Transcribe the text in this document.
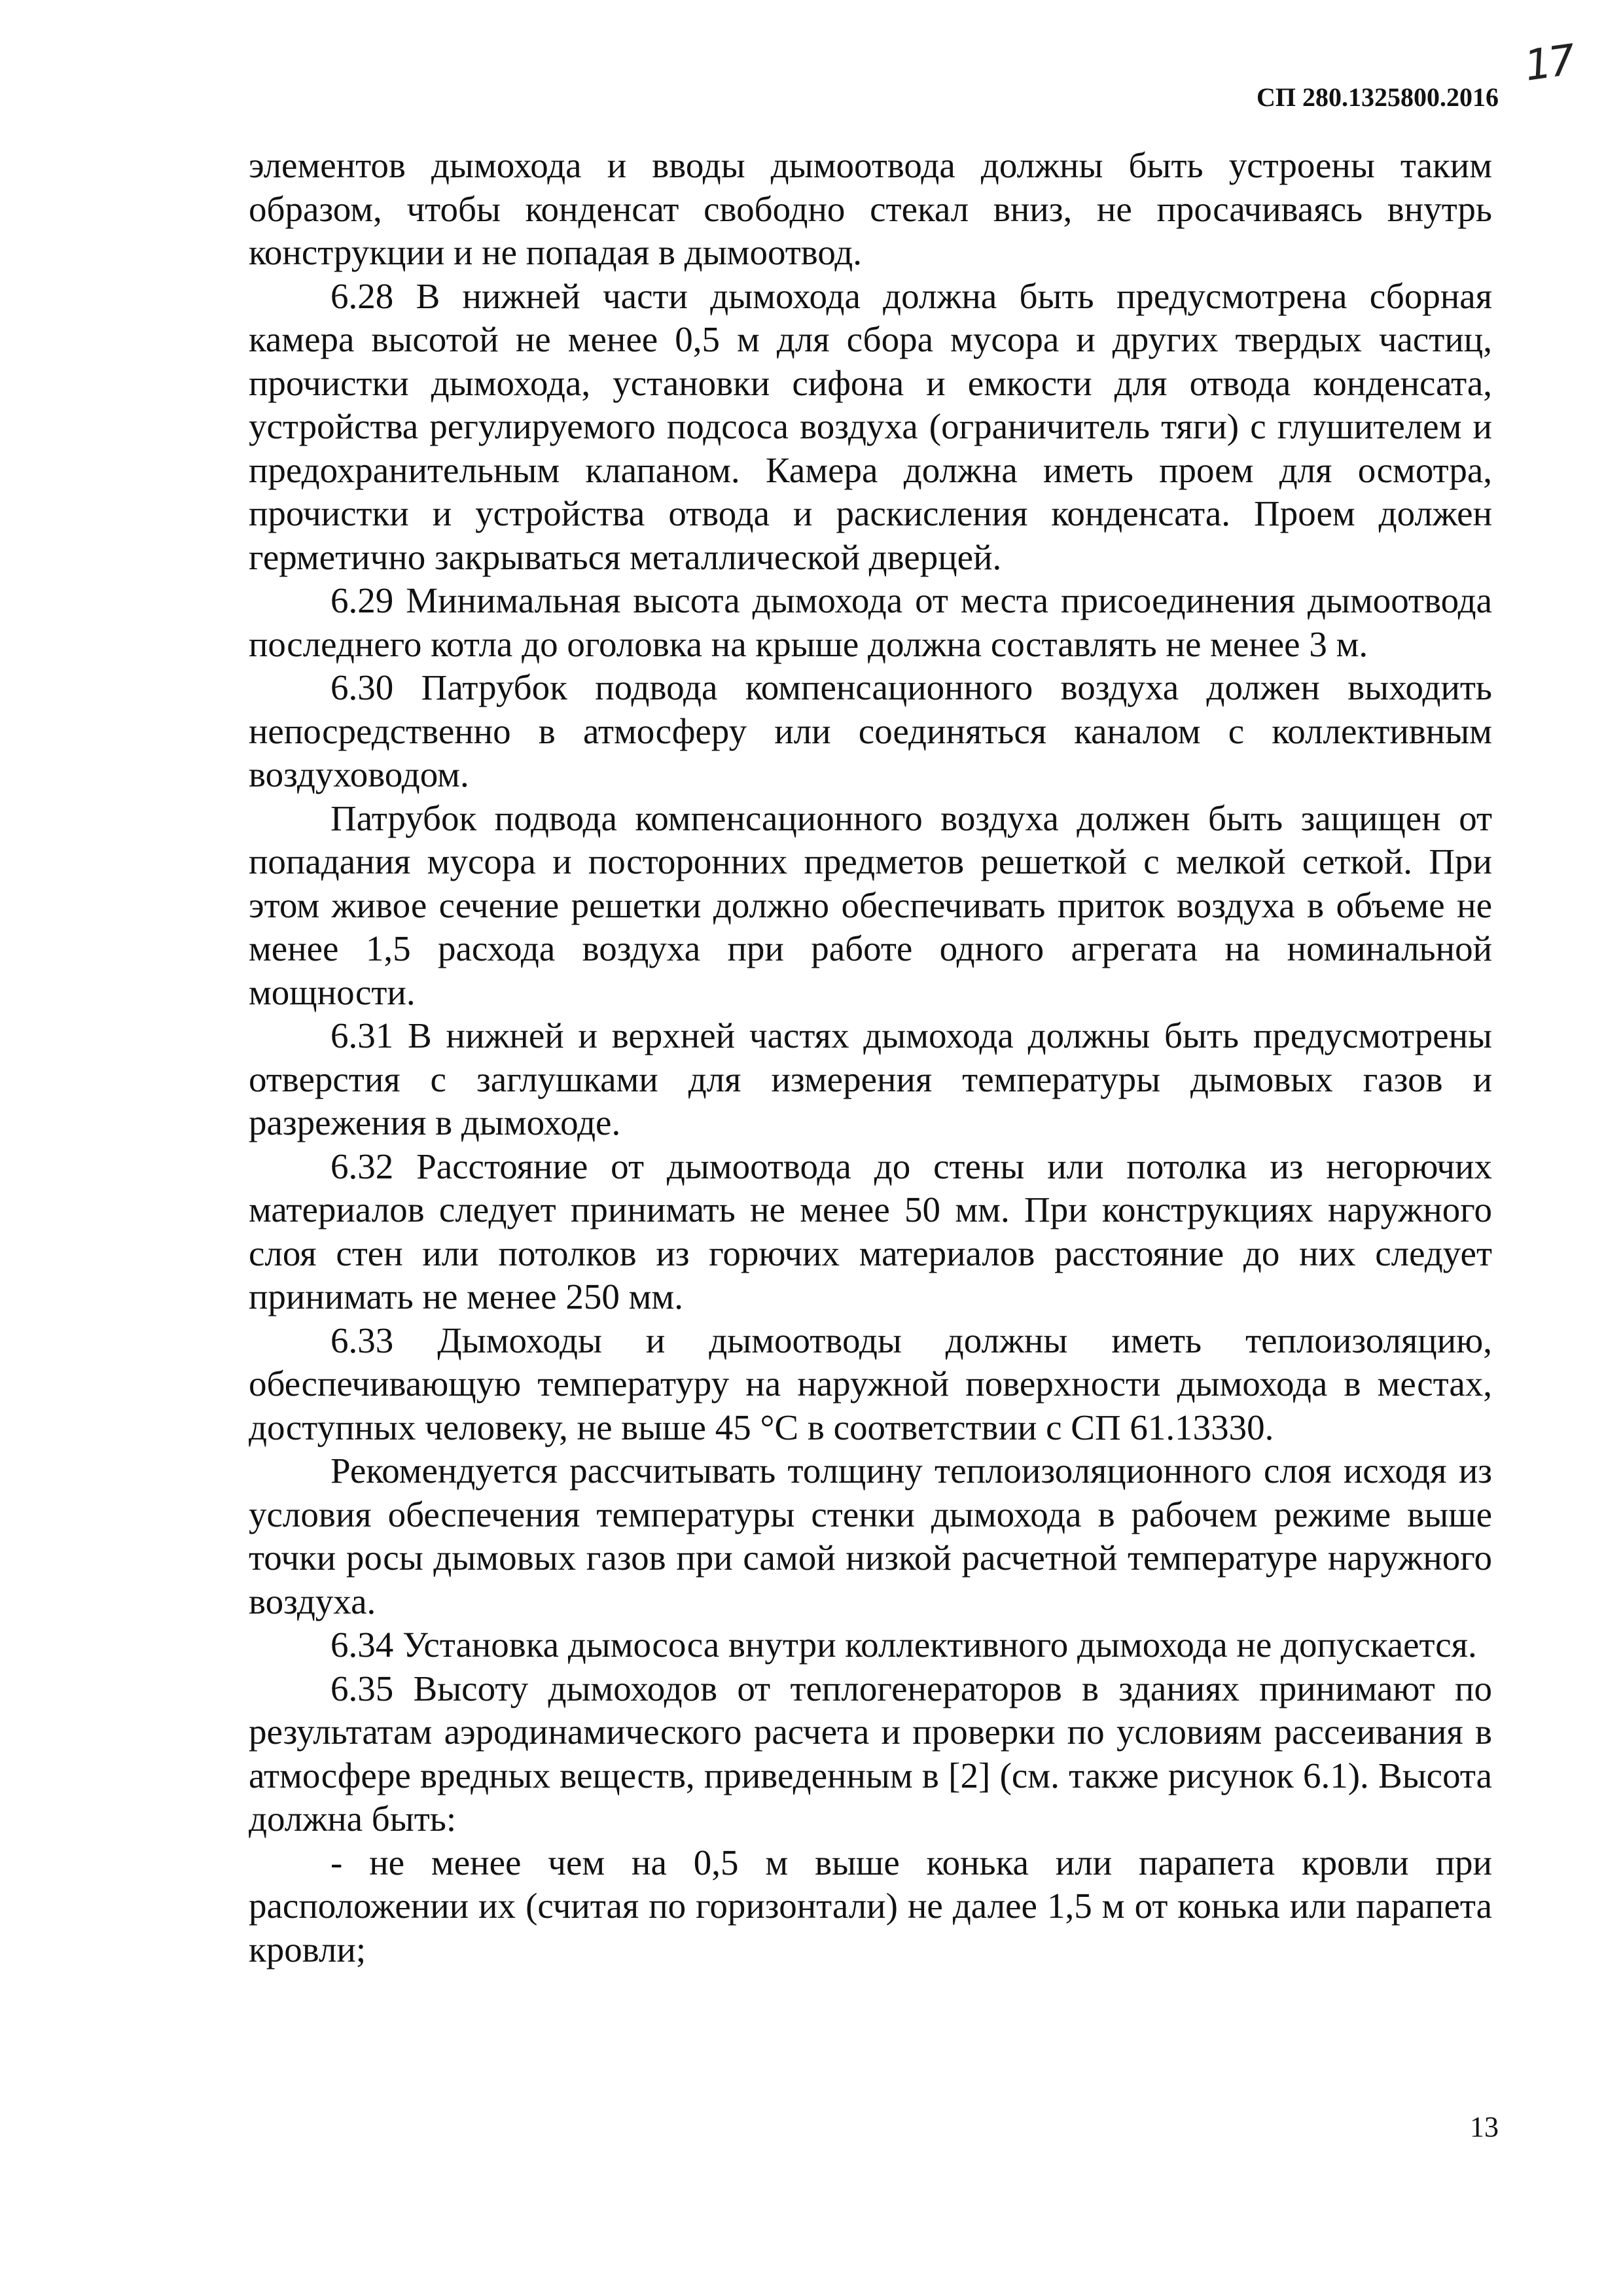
17
СП 280.1325800.2016

элементов дымохода и вводы дымоотвода должны быть устроены таким образом, чтобы конденсат свободно стекал вниз, не просачиваясь внутрь конструкции и не попадая в дымоотвод.

6.28 В нижней части дымохода должна быть предусмотрена сборная камера высотой не менее 0,5 м для сбора мусора и других твердых частиц, прочистки дымохода, установки сифона и емкости для отвода конденсата, устройства регулируемого подсоса воздуха (ограничитель тяги) с глушителем и предохранительным клапаном. Камера должна иметь проем для осмотра, прочистки и устройства отвода и раскисления конденсата. Проем должен герметично закрываться металлической дверцей.

6.29 Минимальная высота дымохода от места присоединения дымоотвода последнего котла до оголовка на крыше должна составлять не менее 3 м.

6.30 Патрубок подвода компенсационного воздуха должен выходить непосредственно в атмосферу или соединяться каналом с коллективным воздуховодом.

Патрубок подвода компенсационного воздуха должен быть защищен от попадания мусора и посторонних предметов решеткой с мелкой сеткой. При этом живое сечение решетки должно обеспечивать приток воздуха в объеме не менее 1,5 расхода воздуха при работе одного агрегата на номинальной мощности.

6.31 В нижней и верхней частях дымохода должны быть предусмотрены отверстия с заглушками для измерения температуры дымовых газов и разрежения в дымоходе.

6.32 Расстояние от дымоотвода до стены или потолка из негорючих материалов следует принимать не менее 50 мм. При конструкциях наружного слоя стен или потолков из горючих материалов расстояние до них следует принимать не менее 250 мм.

6.33 Дымоходы и дымоотводы должны иметь теплоизоляцию, обеспечивающую температуру на наружной поверхности дымохода в местах, доступных человеку, не выше 45 °С в соответствии с СП 61.13330.

Рекомендуется рассчитывать толщину теплоизоляционного слоя исходя из условия обеспечения температуры стенки дымохода в рабочем режиме выше точки росы дымовых газов при самой низкой расчетной температуре наружного воздуха.

6.34 Установка дымососа внутри коллективного дымохода не допускается.

6.35 Высоту дымоходов от теплогенераторов в зданиях принимают по результатам аэродинамического расчета и проверки по условиям рассеивания в атмосфере вредных веществ, приведенным в [2] (см. также рисунок 6.1). Высота должна быть:

- не менее чем на 0,5 м выше конька или парапета кровли при расположении их (считая по горизонтали) не далее 1,5 м от конька или парапета кровли;

13
